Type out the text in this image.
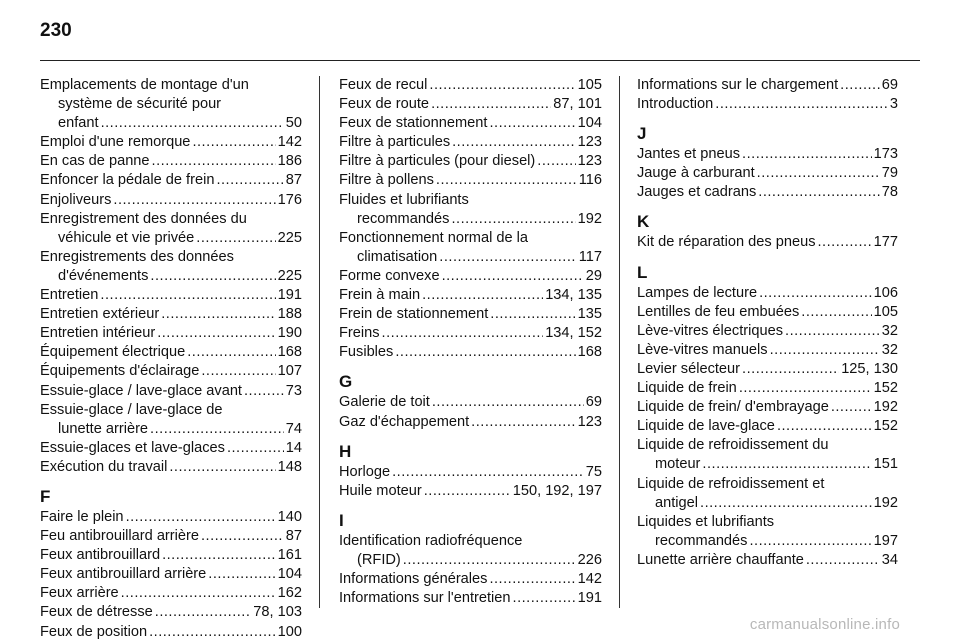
230
Emplacements de montage d'un
système de sécurité pour
enfant .....	50
Emploi d'une remorque .....	142
En cas de panne .....	186
Enfoncer la pédale de frein .....	87
Enjoliveurs .....	176
Enregistrement des données du
véhicule et vie privée .....	225
Enregistrements des données
d'événements .....	225
Entretien .....	191
Entretien extérieur .....	188
Entretien intérieur .....	190
Équipement électrique .....	168
Équipements d'éclairage .....	107
Essuie-glace / lave-glace avant .....	73
Essuie-glace / lave-glace de
lunette arrière .....	74
Essuie-glaces et lave-glaces .....	14
Exécution du travail .....	148
F
Faire le plein .....	140
Feu antibrouillard arrière .....	87
Feux antibrouillard .....	161
Feux antibrouillard arrière .....	104
Feux arrière .....	162
Feux de détresse .....	78, 103
Feux de position .....	100
Feux de recul .....	105
Feux de route .....	87, 101
Feux de stationnement .....	104
Filtre à particules .....	123
Filtre à particules (pour diesel) .....	123
Filtre à pollens .....	116
Fluides et lubrifiants
recommandés .....	192
Fonctionnement normal de la
climatisation .....	117
Forme convexe .....	29
Frein à main .....	134, 135
Frein de stationnement .....	135
Freins .....	134, 152
Fusibles .....	168
G
Galerie de toit .....	69
Gaz d'échappement .....	123
H
Horloge .....	75
Huile moteur .....	150, 192, 197
I
Identification radiofréquence
(RFID) .....	226
Informations générales .....	142
Informations sur l'entretien .....	191
Informations sur le chargement .....	69
Introduction .....	3
J
Jantes et pneus .....	173
Jauge à carburant .....	79
Jauges et cadrans .....	78
K
Kit de réparation des pneus .....	177
L
Lampes de lecture .....	106
Lentilles de feu embuées .....	105
Lève-vitres électriques .....	32
Lève-vitres manuels .....	32
Levier sélecteur .....	125, 130
Liquide de frein .....	152
Liquide de frein/ d'embrayage .....	192
Liquide de lave-glace .....	152
Liquide de refroidissement du
moteur .....	151
Liquide de refroidissement et
antigel .....	192
Liquides et lubrifiants
recommandés .....	197
Lunette arrière chauffante .....	34
carmanualsonline.info
